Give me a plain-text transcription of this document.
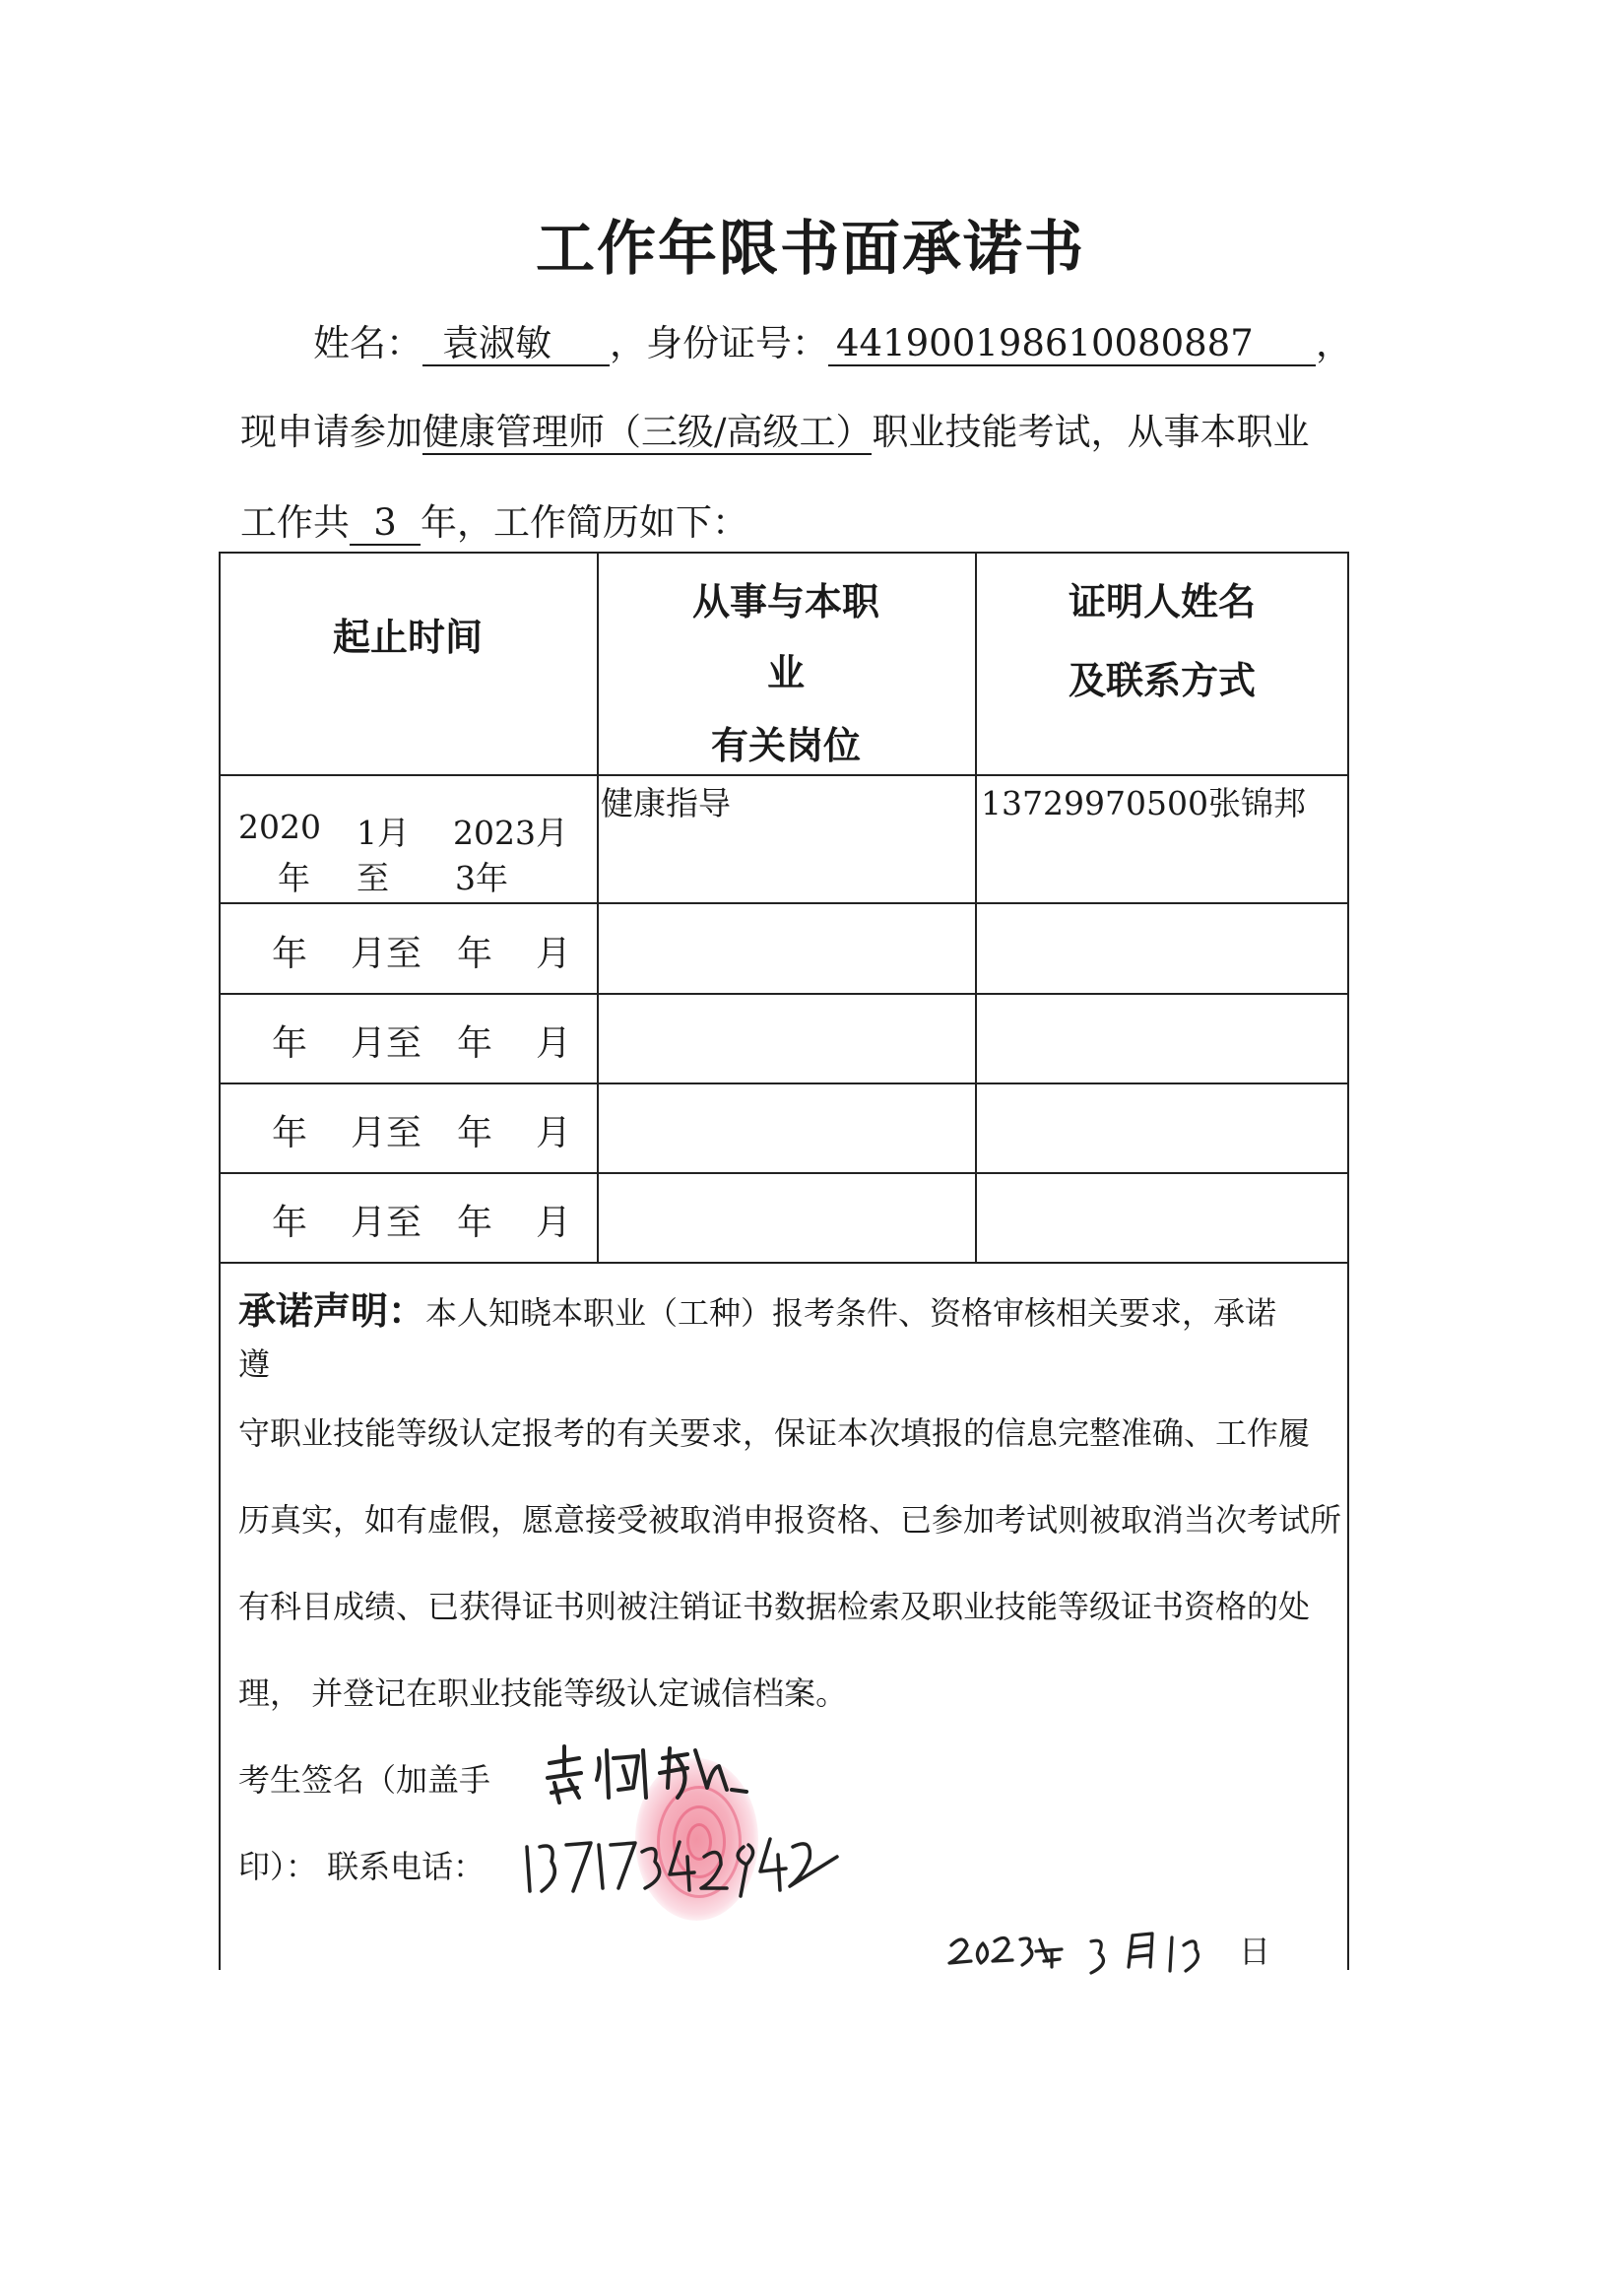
工作年限书面承诺书
姓名： 袁淑敏 ，身份证号： 441900198610080887 ，
现申请参加健康管理师（三级/高级工）职业技能考试，从事本职业
工作共 3 年，工作简历如下：
起止时间
从事与本职
业
有关岗位
证明人姓名
及联系方式
2020
年
1月
至
2023月
3年
健康指导	13729970500张锦邦
年 月至 年 月
年 月至 年 月
年 月至 年 月
年 月至 年 月
承诺声明：本人知晓本职业（工种）报考条件、资格审核相关要求，承诺
遵
守职业技能等级认定报考的有关要求，保证本次填报的信息完整准确、工作履
历真实，如有虚假，愿意接受被取消申报资格、已参加考试则被取消当次考试所
有科目成绩、已获得证书则被注销证书数据检索及职业技能等级证书资格的处
理， 并登记在职业技能等级认定诚信档案。
考生签名（加盖手
印）： 联系电话：
日
